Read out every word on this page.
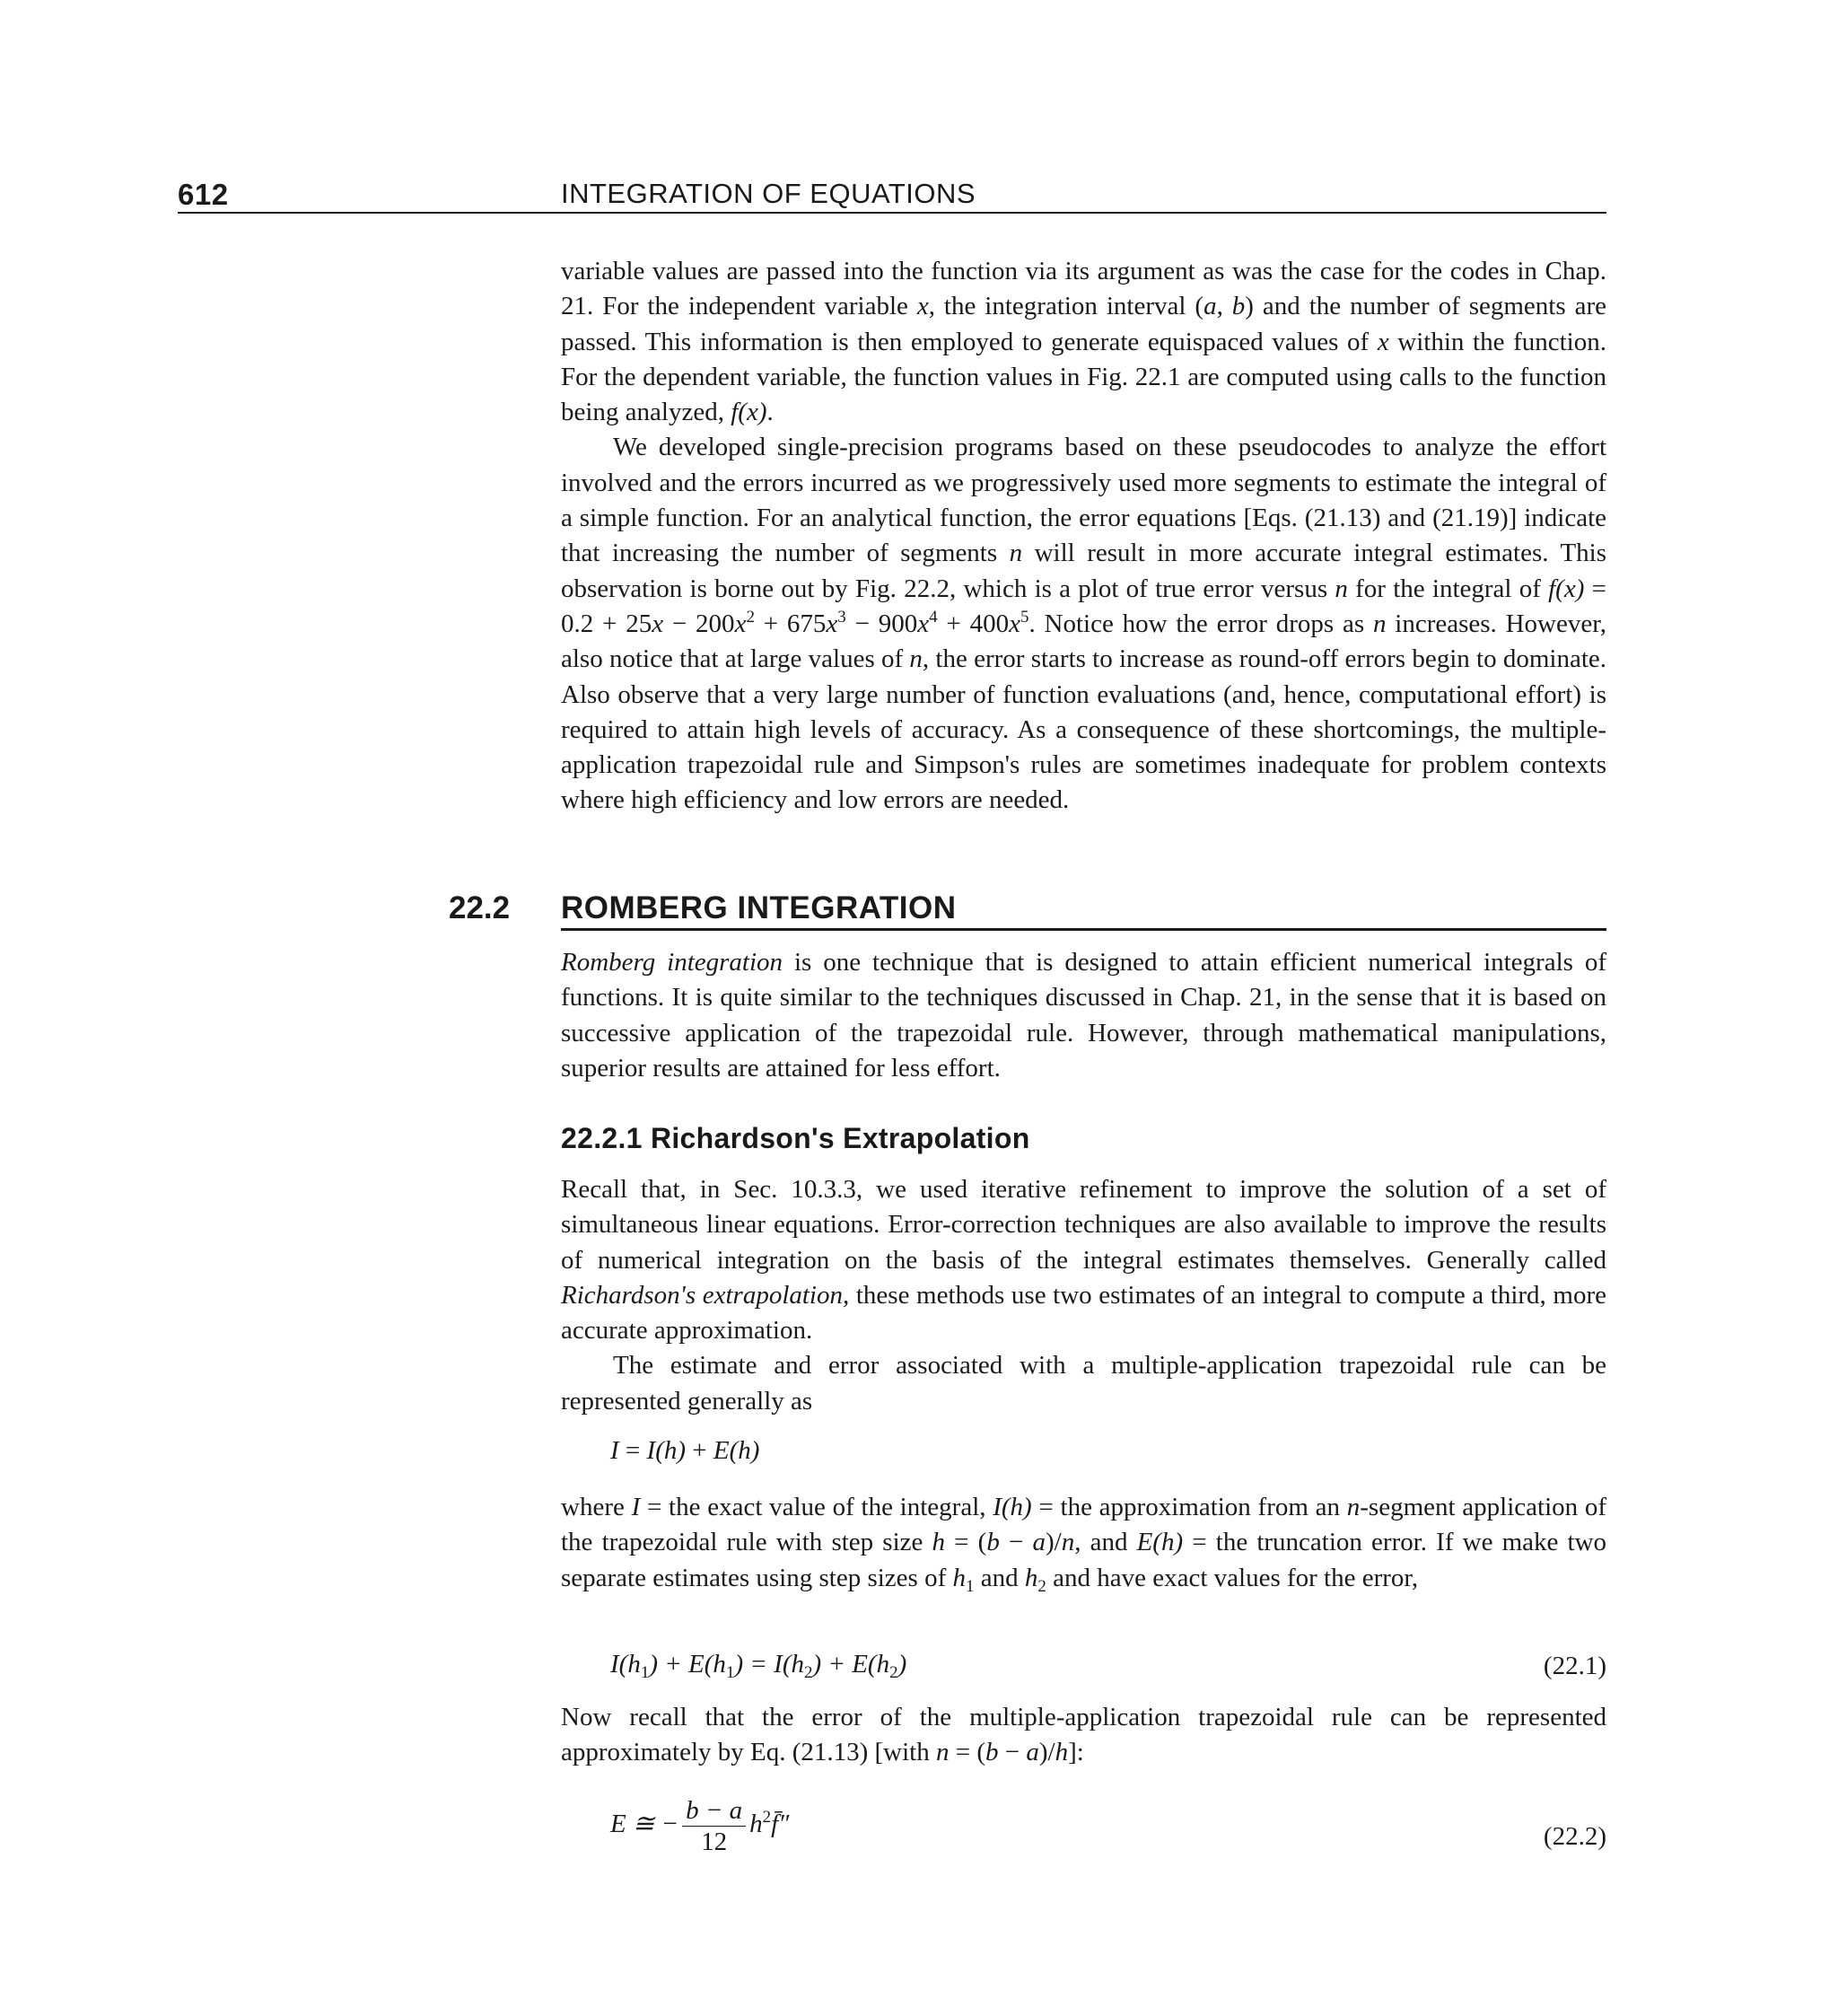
612	INTEGRATION OF EQUATIONS

variable values are passed into the function via its argument as was the case for the codes in Chap. 21. For the independent variable x, the integration interval (a, b) and the number of segments are passed. This information is then employed to generate equispaced values of x within the function. For the dependent variable, the function values in Fig. 22.1 are computed using calls to the function being analyzed, f(x).

We developed single-precision programs based on these pseudocodes to analyze the effort involved and the errors incurred as we progressively used more segments to estimate the integral of a simple function. For an analytical function, the error equations [Eqs. (21.13) and (21.19)] indicate that increasing the number of segments n will result in more accurate integral estimates. This observation is borne out by Fig. 22.2, which is a plot of true error versus n for the integral of $f(x) = 0.2 + 25x - 200x^2 + 675x^3 - 900x^4 + 400x^5$. Notice how the error drops as n increases. However, also notice that at large values of n, the error starts to increase as round-off errors begin to dominate. Also observe that a very large number of function evaluations (and, hence, computational effort) is required to attain high levels of accuracy. As a consequence of these shortcomings, the multiple-application trapezoidal rule and Simpson's rules are sometimes inadequate for problem contexts where high efficiency and low errors are needed.

22.2 ROMBERG INTEGRATION

Romberg integration is one technique that is designed to attain efficient numerical integrals of functions. It is quite similar to the techniques discussed in Chap. 21, in the sense that it is based on successive application of the trapezoidal rule. However, through mathematical manipulations, superior results are attained for less effort.

22.2.1 Richardson's Extrapolation

Recall that, in Sec. 10.3.3, we used iterative refinement to improve the solution of a set of simultaneous linear equations. Error-correction techniques are also available to improve the results of numerical integration on the basis of the integral estimates themselves. Generally called Richardson's extrapolation, these methods use two estimates of an integral to compute a third, more accurate approximation.

The estimate and error associated with a multiple-application trapezoidal rule can be represented generally as

I = I(h) + E(h)

where I = the exact value of the integral, I(h) = the approximation from an n-segment application of the trapezoidal rule with step size h = (b − a)/n, and E(h) = the truncation error. If we make two separate estimates using step sizes of $h_1$ and $h_2$ and have exact values for the error,

$I(h_1) + E(h_1) = I(h_2) + E(h_2)$	(22.1)

Now recall that the error of the multiple-application trapezoidal rule can be represented approximately by Eq. (21.13) [with n = (b − a)/h]:

E ≅ − $\frac{b - a}{12}$ $h^2f̄''$	(22.2)
